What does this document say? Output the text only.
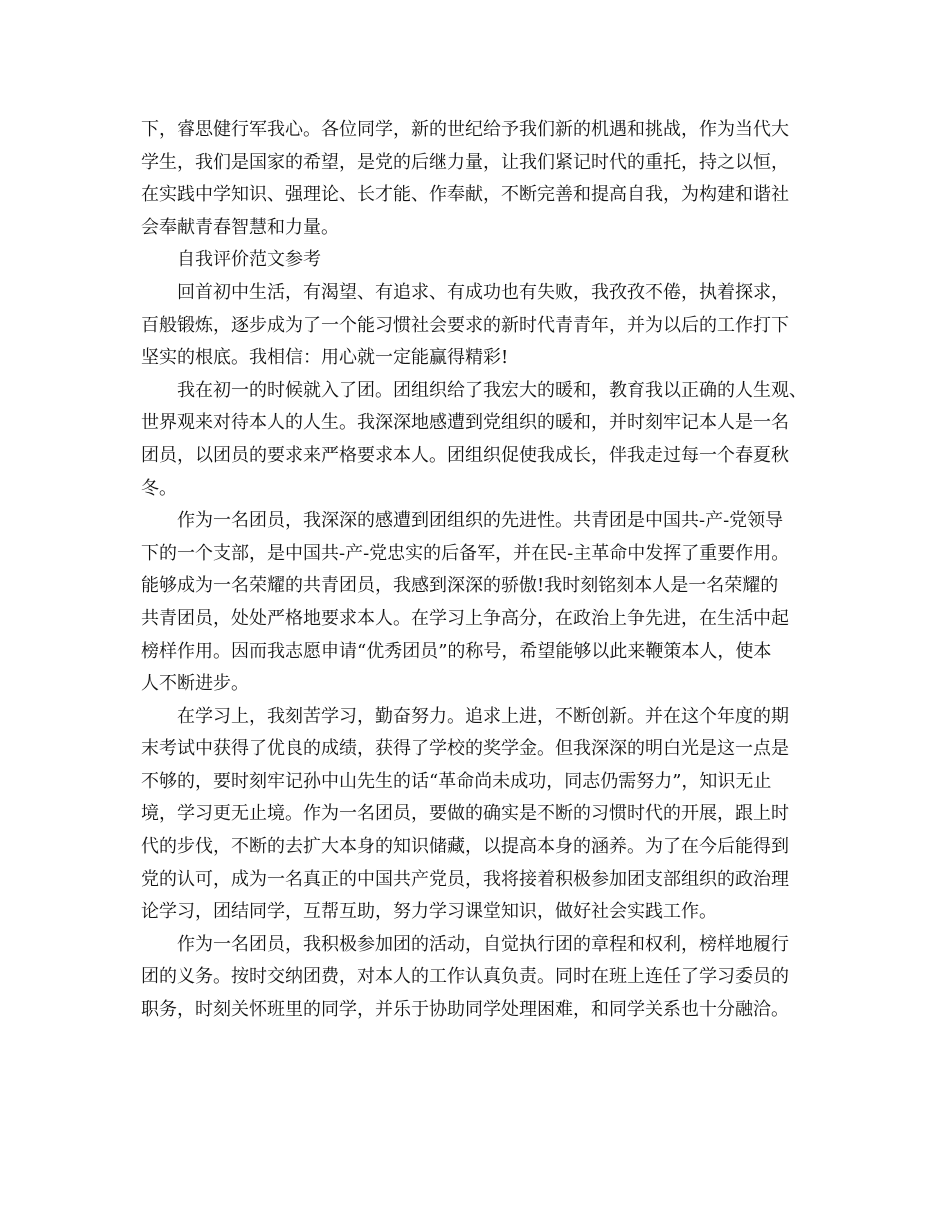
下，睿思健行军我心。各位同学，新的世纪给予我们新的机遇和挑战，作为当代大
学生，我们是国家的希望，是党的后继力量，让我们紧记时代的重托，持之以恒，
在实践中学知识、强理论、长才能、作奉献，不断完善和提高自我，为构建和谐社
会奉献青春智慧和力量。
自我评价范文参考
回首初中生活，有渴望、有追求、有成功也有失败，我孜孜不倦，执着探求，
百般锻炼，逐步成为了一个能习惯社会要求的新时代青青年，并为以后的工作打下
坚实的根底。我相信：用心就一定能赢得精彩!
我在初一的时候就入了团。团组织给了我宏大的暖和，教育我以正确的人生观、
世界观来对待本人的人生。我深深地感遭到党组织的暖和，并时刻牢记本人是一名
团员，以团员的要求来严格要求本人。团组织促使我成长，伴我走过每一个春夏秋
冬。
作为一名团员，我深深的感遭到团组织的先进性。共青团是中国共-产-党领导
下的一个支部，是中国共-产-党忠实的后备军，并在民-主革命中发挥了重要作用。
能够成为一名荣耀的共青团员，我感到深深的骄傲!我时刻铭刻本人是一名荣耀的
共青团员，处处严格地要求本人。在学习上争高分，在政治上争先进，在生活中起
榜样作用。因而我志愿申请“优秀团员”的称号，希望能够以此来鞭策本人，使本
人不断进步。
在学习上，我刻苦学习，勤奋努力。追求上进，不断创新。并在这个年度的期
末考试中获得了优良的成绩，获得了学校的奖学金。但我深深的明白光是这一点是
不够的，要时刻牢记孙中山先生的话“革命尚未成功，同志仍需努力”，知识无止
境，学习更无止境。作为一名团员，要做的确实是不断的习惯时代的开展，跟上时
代的步伐，不断的去扩大本身的知识储藏，以提高本身的涵养。为了在今后能得到
党的认可，成为一名真正的中国共产党员，我将接着积极参加团支部组织的政治理
论学习，团结同学，互帮互助，努力学习课堂知识，做好社会实践工作。
作为一名团员，我积极参加团的活动，自觉执行团的章程和权利，榜样地履行
团的义务。按时交纳团费，对本人的工作认真负责。同时在班上连任了学习委员的
职务，时刻关怀班里的同学，并乐于协助同学处理困难，和同学关系也十分融洽。
